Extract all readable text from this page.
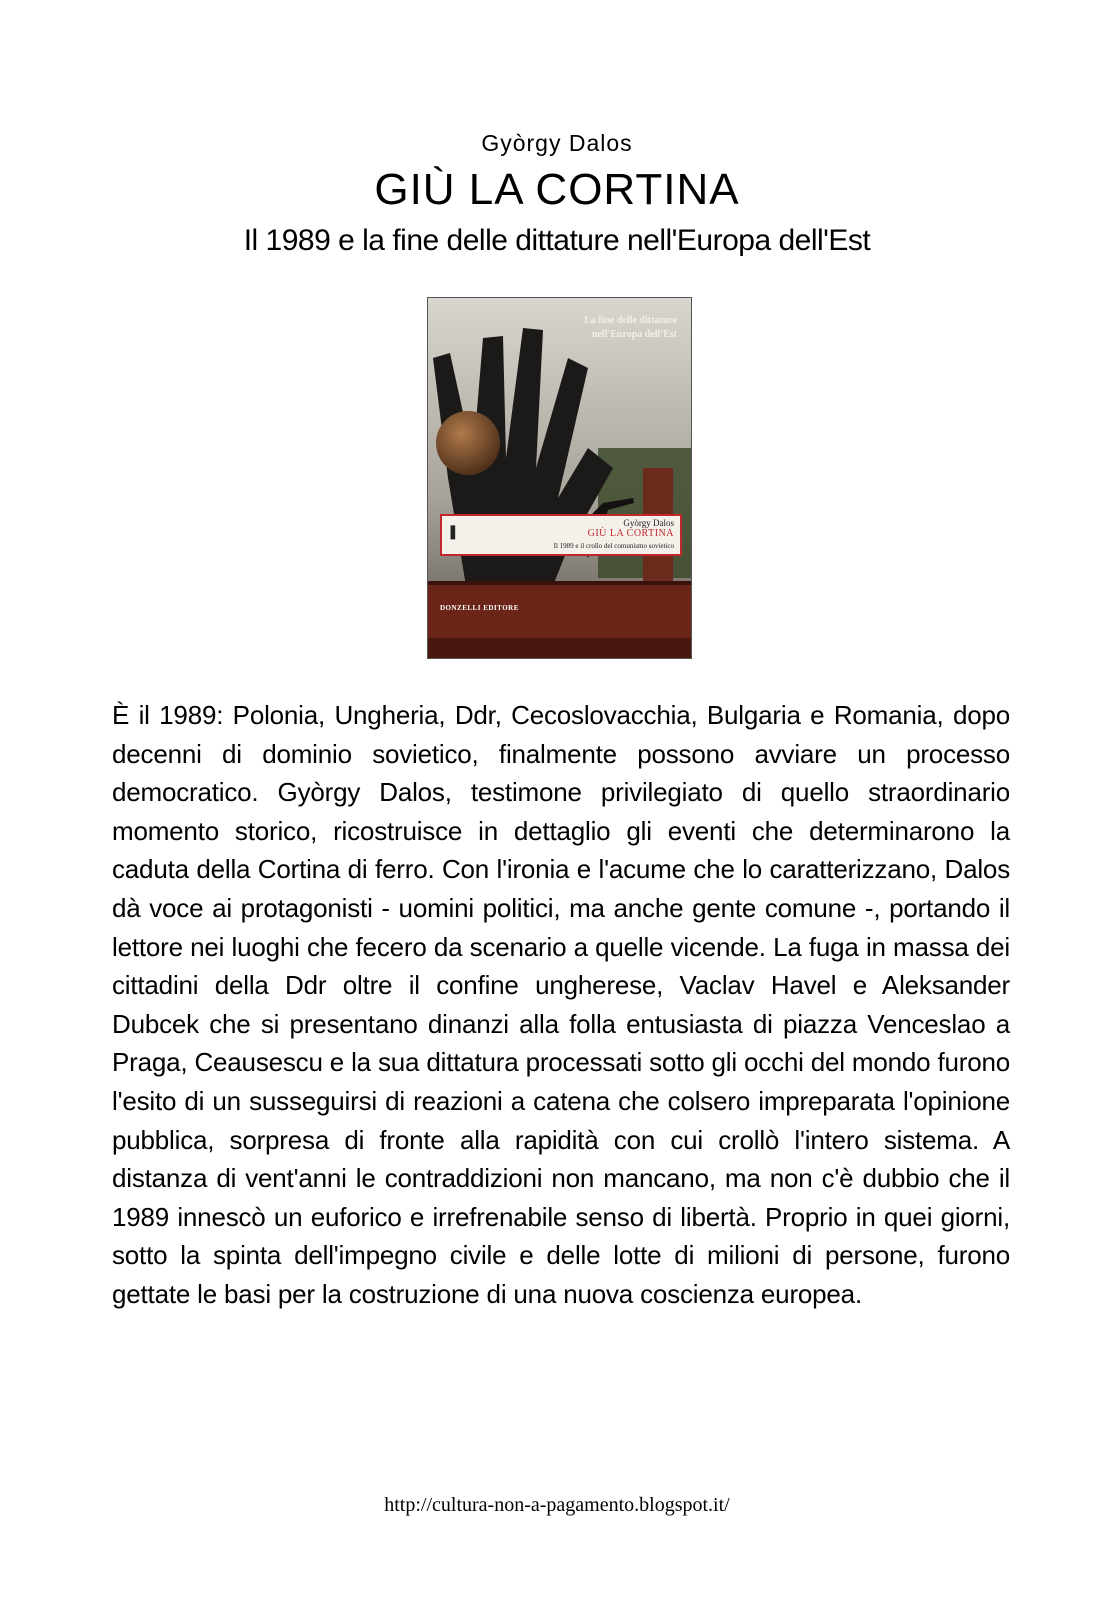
Gyòrgy Dalos
GIÙ LA CORTINA
Il 1989 e la fine delle dittature nell'Europa dell'Est
La fine delle dittature nell'Europa dell'Est
❚
Gyòrgy Dalos
GIÙ LA CORTINA
Il 1989 e il crollo del comunismo sovietico
DONZELLI EDITORE

È il 1989: Polonia, Ungheria, Ddr, Cecoslovacchia, Bulgaria e Romania, dopo decenni di dominio sovietico, finalmente possono avviare un processo democratico. Gyòrgy Dalos, testimone privilegiato di quello straordinario momento storico, ricostruisce in dettaglio gli eventi che determinarono la caduta della Cortina di ferro. Con l'ironia e l'acume che lo caratterizzano, Dalos dà voce ai protagonisti - uomini politici, ma anche gente comune -, portando il lettore nei luoghi che fecero da scenario a quelle vicende. La fuga in massa dei cittadini della Ddr oltre il confine ungherese, Vaclav Havel e Aleksander Dubcek che si presentano dinanzi alla folla entusiasta di piazza Venceslao a Praga, Ceausescu e la sua dittatura processati sotto gli occhi del mondo furono l'esito di un susseguirsi di reazioni a catena che colsero impreparata l'opinione pubblica, sorpresa di fronte alla rapidità con cui crollò l'intero sistema. A distanza di vent'anni le contraddizioni non mancano, ma non c'è dubbio che il 1989 innescò un euforico e irrefrenabile senso di libertà. Proprio in quei giorni, sotto la spinta dell'impegno civile e delle lotte di milioni di persone, furono gettate le basi per la costruzione di una nuova coscienza europea.

http://cultura-non-a-pagamento.blogspot.it/
